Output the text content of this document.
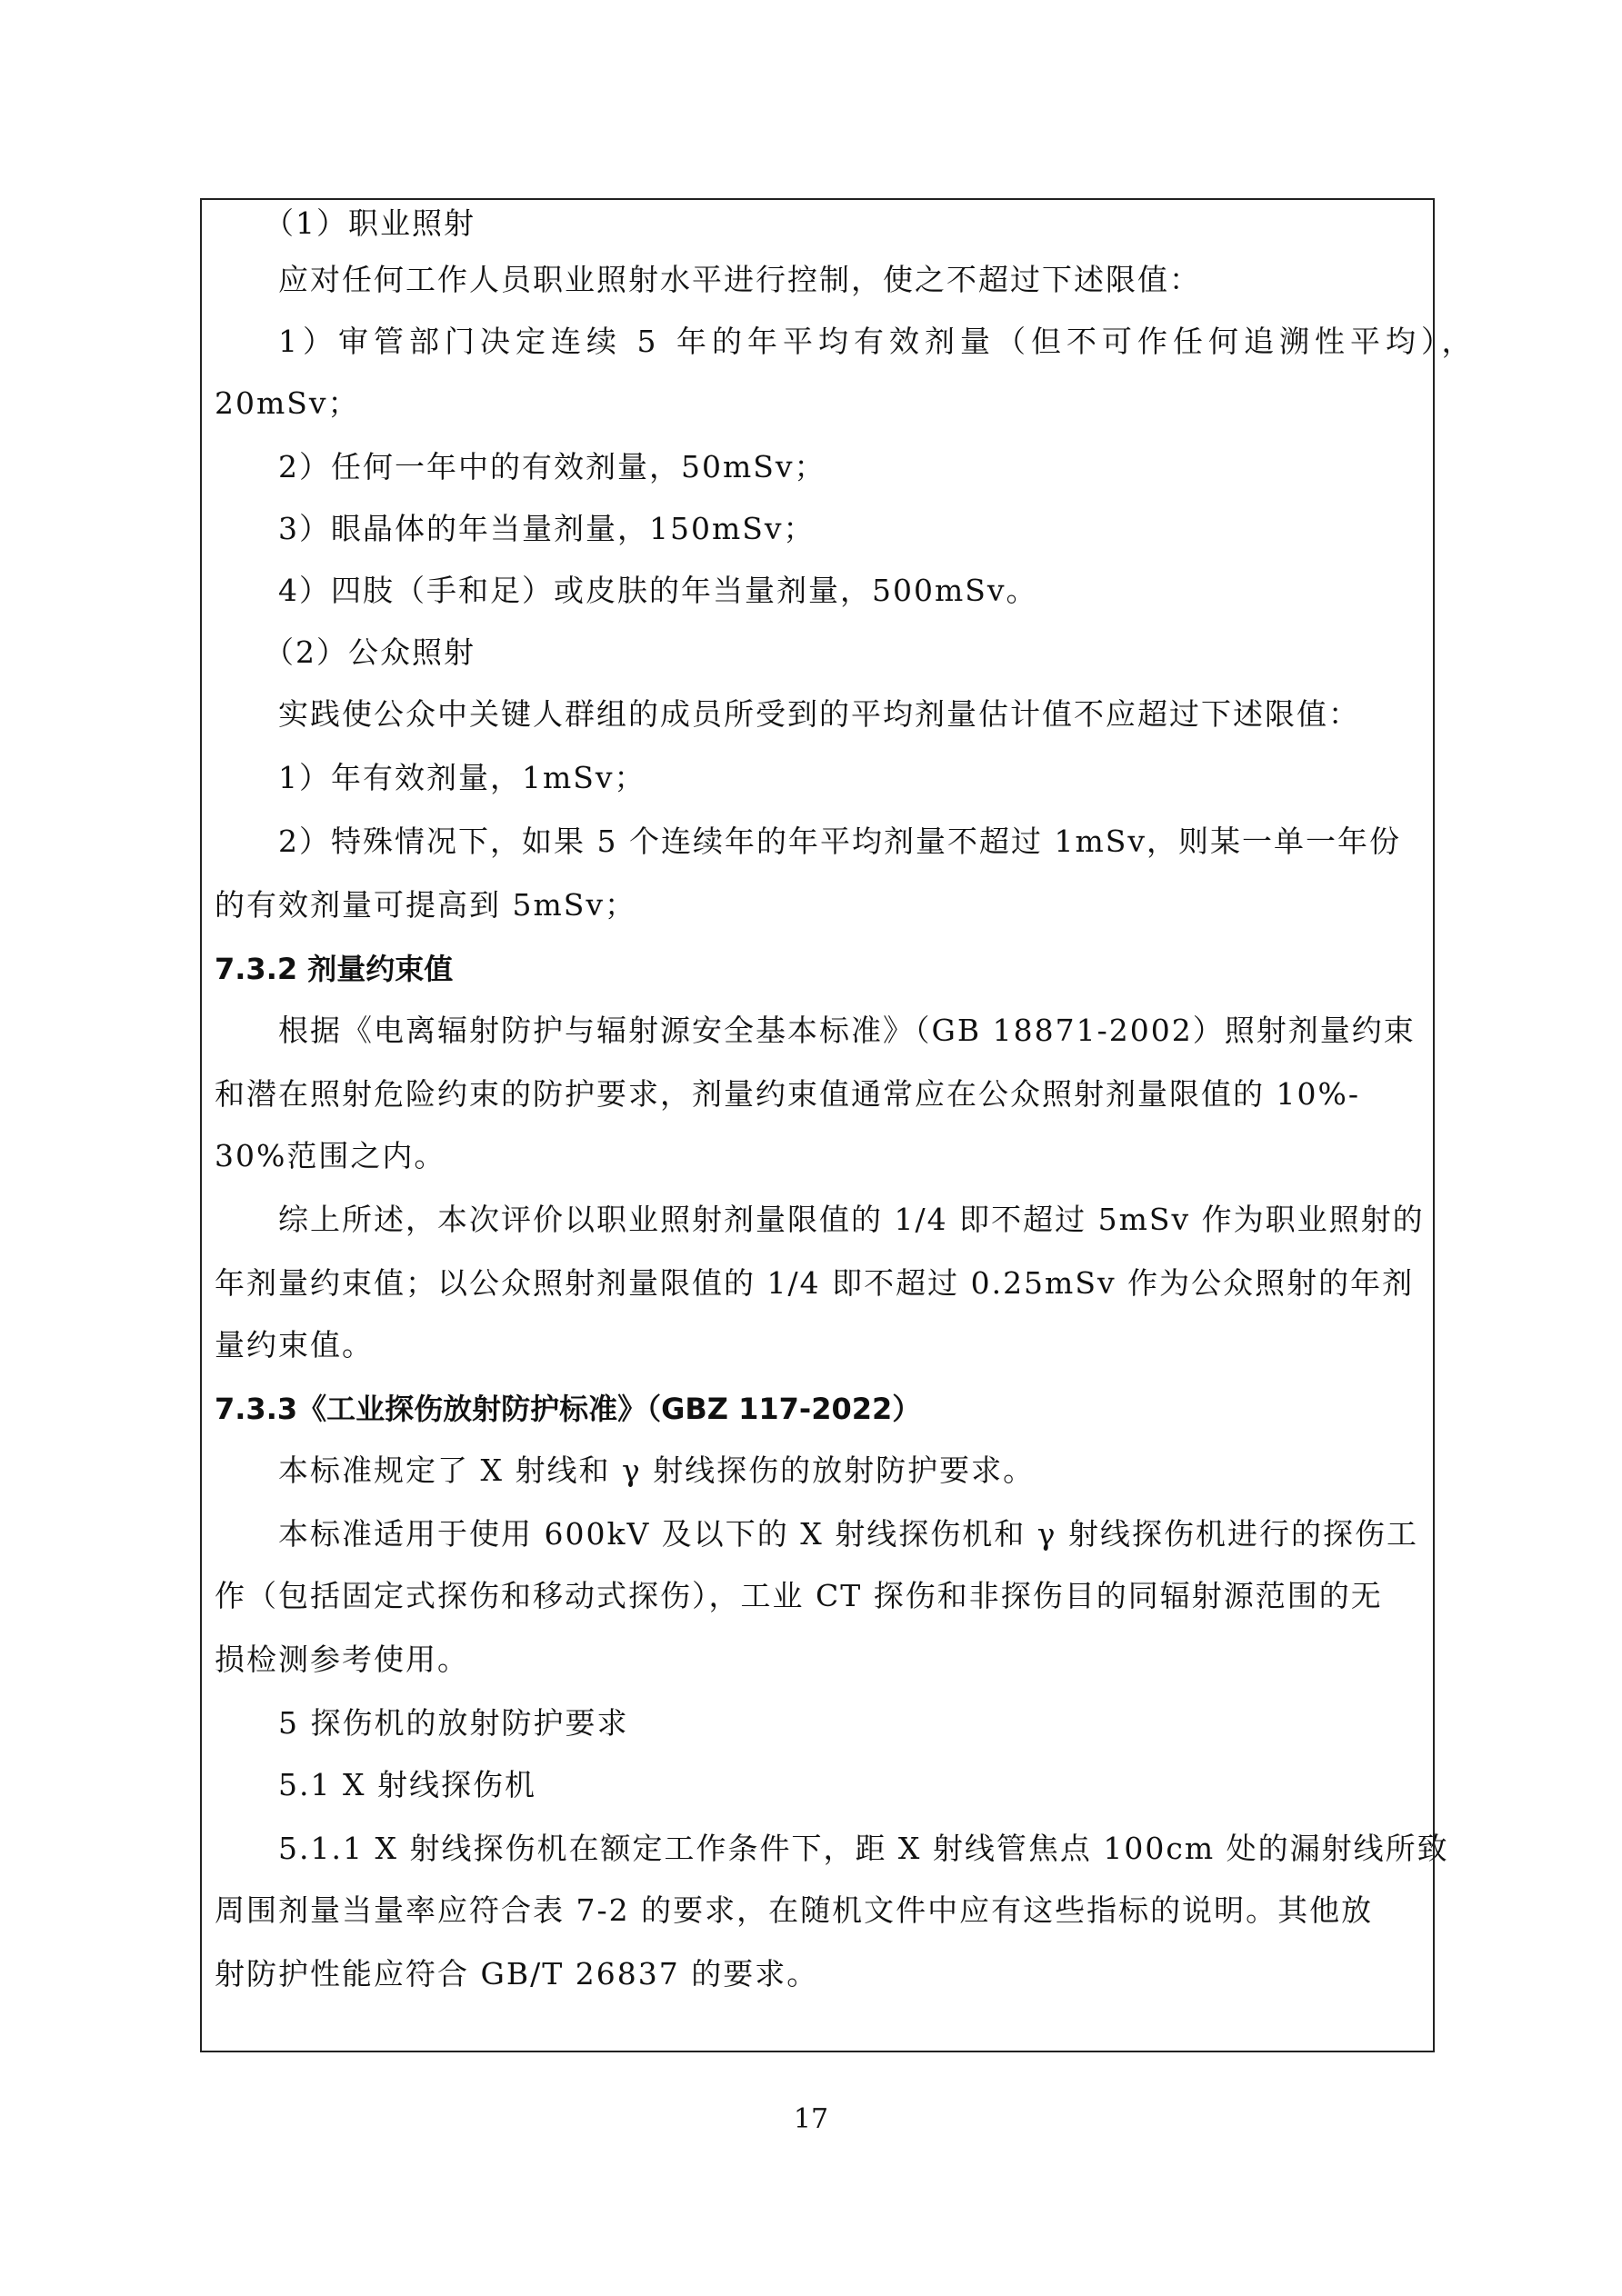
（1）职业照射
应对任何工作人员职业照射水平进行控制，使之不超过下述限值：
1）审管部门决定连续 5 年的年平均有效剂量（但不可作任何追溯性平均），
20mSv；
2）任何一年中的有效剂量，50mSv；
3）眼晶体的年当量剂量，150mSv；
4）四肢（手和足）或皮肤的年当量剂量，500mSv。
（2）公众照射
实践使公众中关键人群组的成员所受到的平均剂量估计值不应超过下述限值：
1）年有效剂量，1mSv；
2）特殊情况下，如果 5 个连续年的年平均剂量不超过 1mSv，则某一单一年份
的有效剂量可提高到 5mSv；
7.3.2 剂量约束值
根据《电离辐射防护与辐射源安全基本标准》（GB 18871-2002）照射剂量约束
和潜在照射危险约束的防护要求，剂量约束值通常应在公众照射剂量限值的 10%-
30%范围之内。
综上所述，本次评价以职业照射剂量限值的 1/4 即不超过 5mSv 作为职业照射的
年剂量约束值；以公众照射剂量限值的 1/4 即不超过 0.25mSv 作为公众照射的年剂
量约束值。
7.3.3《工业探伤放射防护标准》（GBZ 117-2022）
本标准规定了 X 射线和 γ 射线探伤的放射防护要求。
本标准适用于使用 600kV 及以下的 X 射线探伤机和 γ 射线探伤机进行的探伤工
作（包括固定式探伤和移动式探伤），工业 CT 探伤和非探伤目的同辐射源范围的无
损检测参考使用。
5 探伤机的放射防护要求
5.1 X 射线探伤机
5.1.1 X 射线探伤机在额定工作条件下，距 X 射线管焦点 100cm 处的漏射线所致
周围剂量当量率应符合表 7-2 的要求，在随机文件中应有这些指标的说明。其他放
射防护性能应符合 GB/T 26837 的要求。
17
